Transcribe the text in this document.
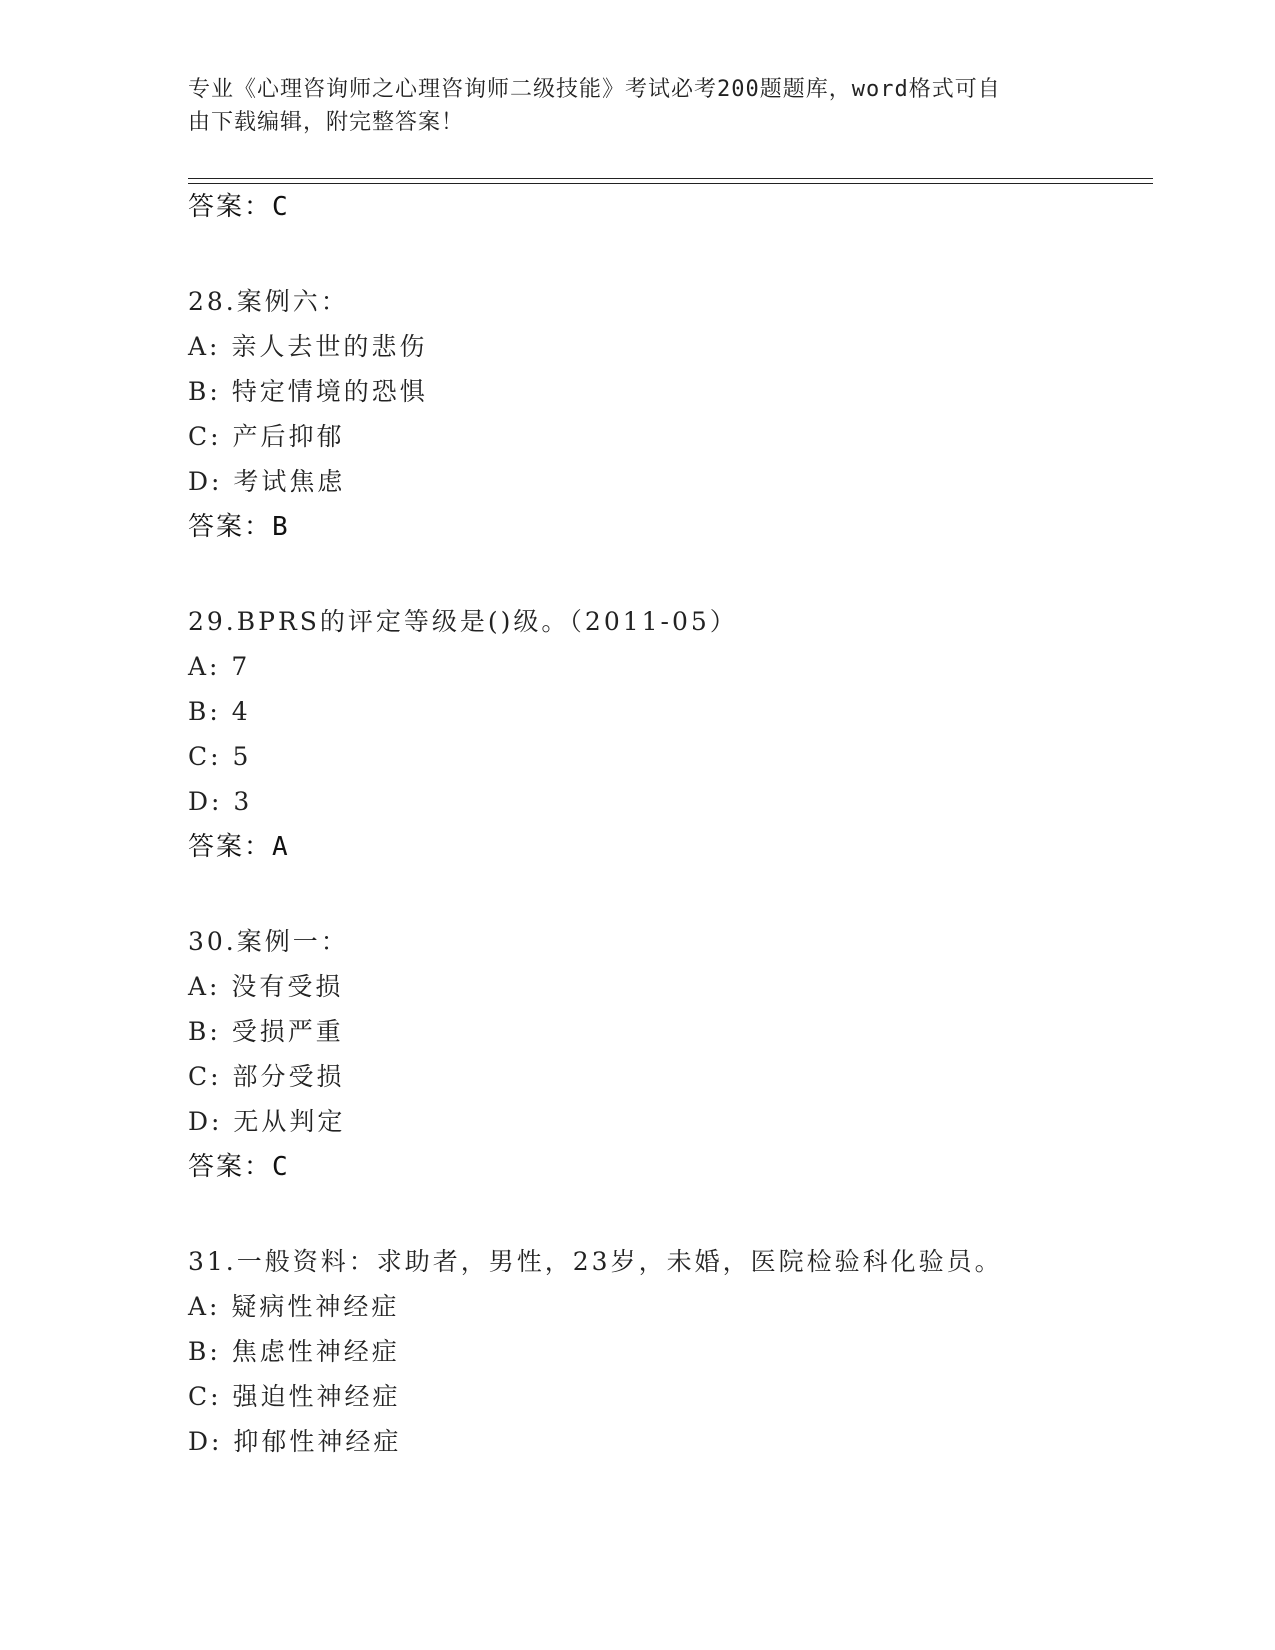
专业《心理咨询师之心理咨询师二级技能》考试必考200题题库，word格式可自
由下载编辑，附完整答案！
答案：C
28.案例六：
A: 亲人去世的悲伤
B: 特定情境的恐惧
C: 产后抑郁
D: 考试焦虑
答案：B
29.BPRS的评定等级是()级。（2011-05）
A: 7
B: 4
C: 5
D: 3
答案：A
30.案例一：
A: 没有受损
B: 受损严重
C: 部分受损
D: 无从判定
答案：C
31.一般资料：求助者，男性，23岁，未婚，医院检验科化验员。
A: 疑病性神经症
B: 焦虑性神经症
C: 强迫性神经症
D: 抑郁性神经症
